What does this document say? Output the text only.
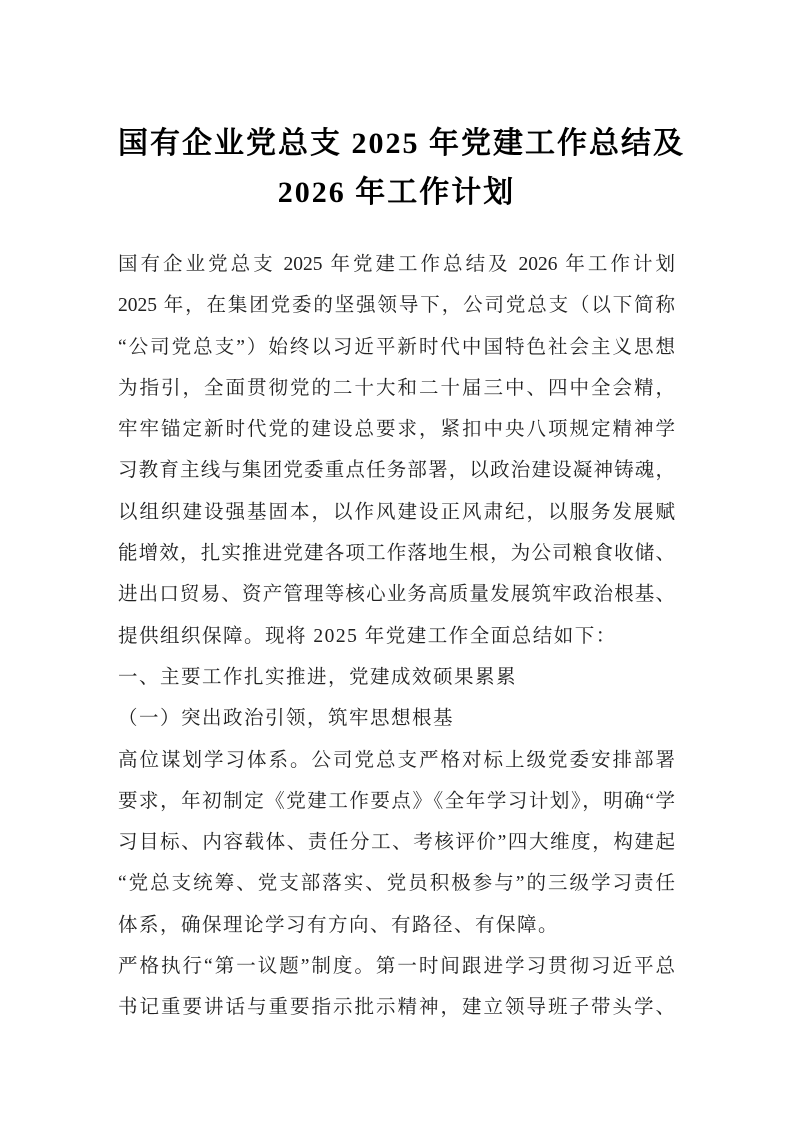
国有企业党总支 2025 年党建工作总结及
2026 年工作计划
国有企业党总支 2025 年党建工作总结及 2026 年工作计划
2025 年，在集团党委的坚强领导下，公司党总支（以下简称
“公司党总支”）始终以习近平新时代中国特色社会主义思想
为指引，全面贯彻党的二十大和二十届三中、四中全会精，
牢牢锚定新时代党的建设总要求，紧扣中央八项规定精神学
习教育主线与集团党委重点任务部署，以政治建设凝神铸魂，
以组织建设强基固本，以作风建设正风肃纪，以服务发展赋
能增效，扎实推进党建各项工作落地生根，为公司粮食收储、
进出口贸易、资产管理等核心业务高质量发展筑牢政治根基、
提供组织保障。现将 2025 年党建工作全面总结如下：
一、主要工作扎实推进，党建成效硕果累累
（一）突出政治引领，筑牢思想根基
高位谋划学习体系。公司党总支严格对标上级党委安排部署
要求，年初制定《党建工作要点》《全年学习计划》，明确“学
习目标、内容载体、责任分工、考核评价”四大维度，构建起
“党总支统筹、党支部落实、党员积极参与”的三级学习责任
体系，确保理论学习有方向、有路径、有保障。
严格执行“第一议题”制度。第一时间跟进学习贯彻习近平总
书记重要讲话与重要指示批示精神，建立领导班子带头学、
